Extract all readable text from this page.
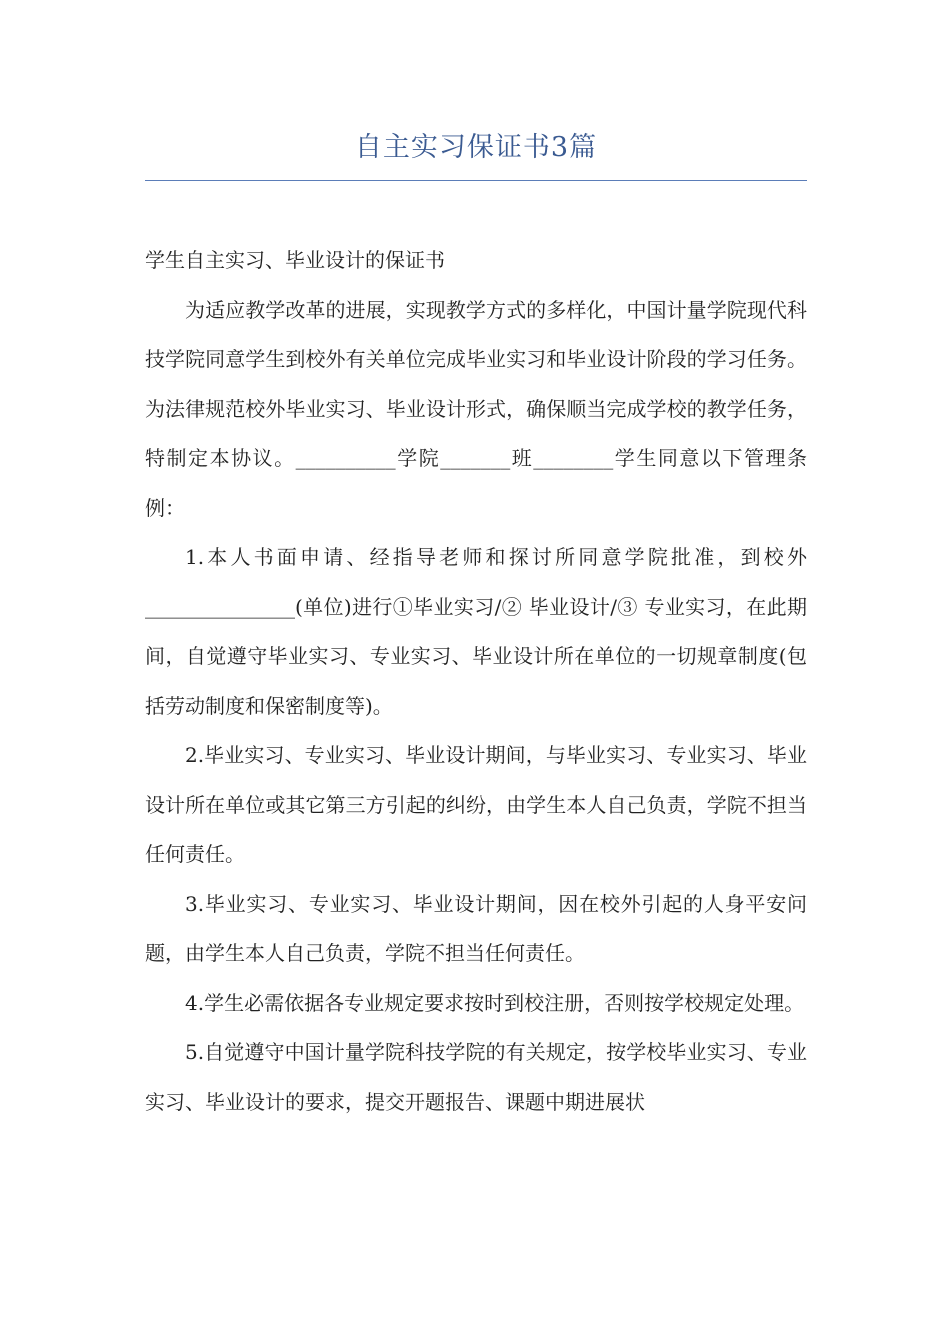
自主实习保证书3篇

学生自主实习、毕业设计的保证书

为适应教学改革的进展，实现教学方式的多样化，中国计量学院现代科技学院同意学生到校外有关单位完成毕业实习和毕业设计阶段的学习任务。为法律规范校外毕业实习、毕业设计形式，确保顺当完成学校的教学任务，特制定本协议。__________学院_______班________学生同意以下管理条例：

1.本人书面申请、经指导老师和探讨所同意学院批准，到校外_______________(单位)进行①毕业实习/② 毕业设计/③ 专业实习，在此期间，自觉遵守毕业实习、专业实习、毕业设计所在单位的一切规章制度(包括劳动制度和保密制度等)。

2.毕业实习、专业实习、毕业设计期间，与毕业实习、专业实习、毕业设计所在单位或其它第三方引起的纠纷，由学生本人自己负责，学院不担当任何责任。

3.毕业实习、专业实习、毕业设计期间，因在校外引起的人身平安问题，由学生本人自己负责，学院不担当任何责任。

4.学生必需依据各专业规定要求按时到校注册，否则按学校规定处理。

5.自觉遵守中国计量学院科技学院的有关规定，按学校毕业实习、专业实习、毕业设计的要求，提交开题报告、课题中期进展状
